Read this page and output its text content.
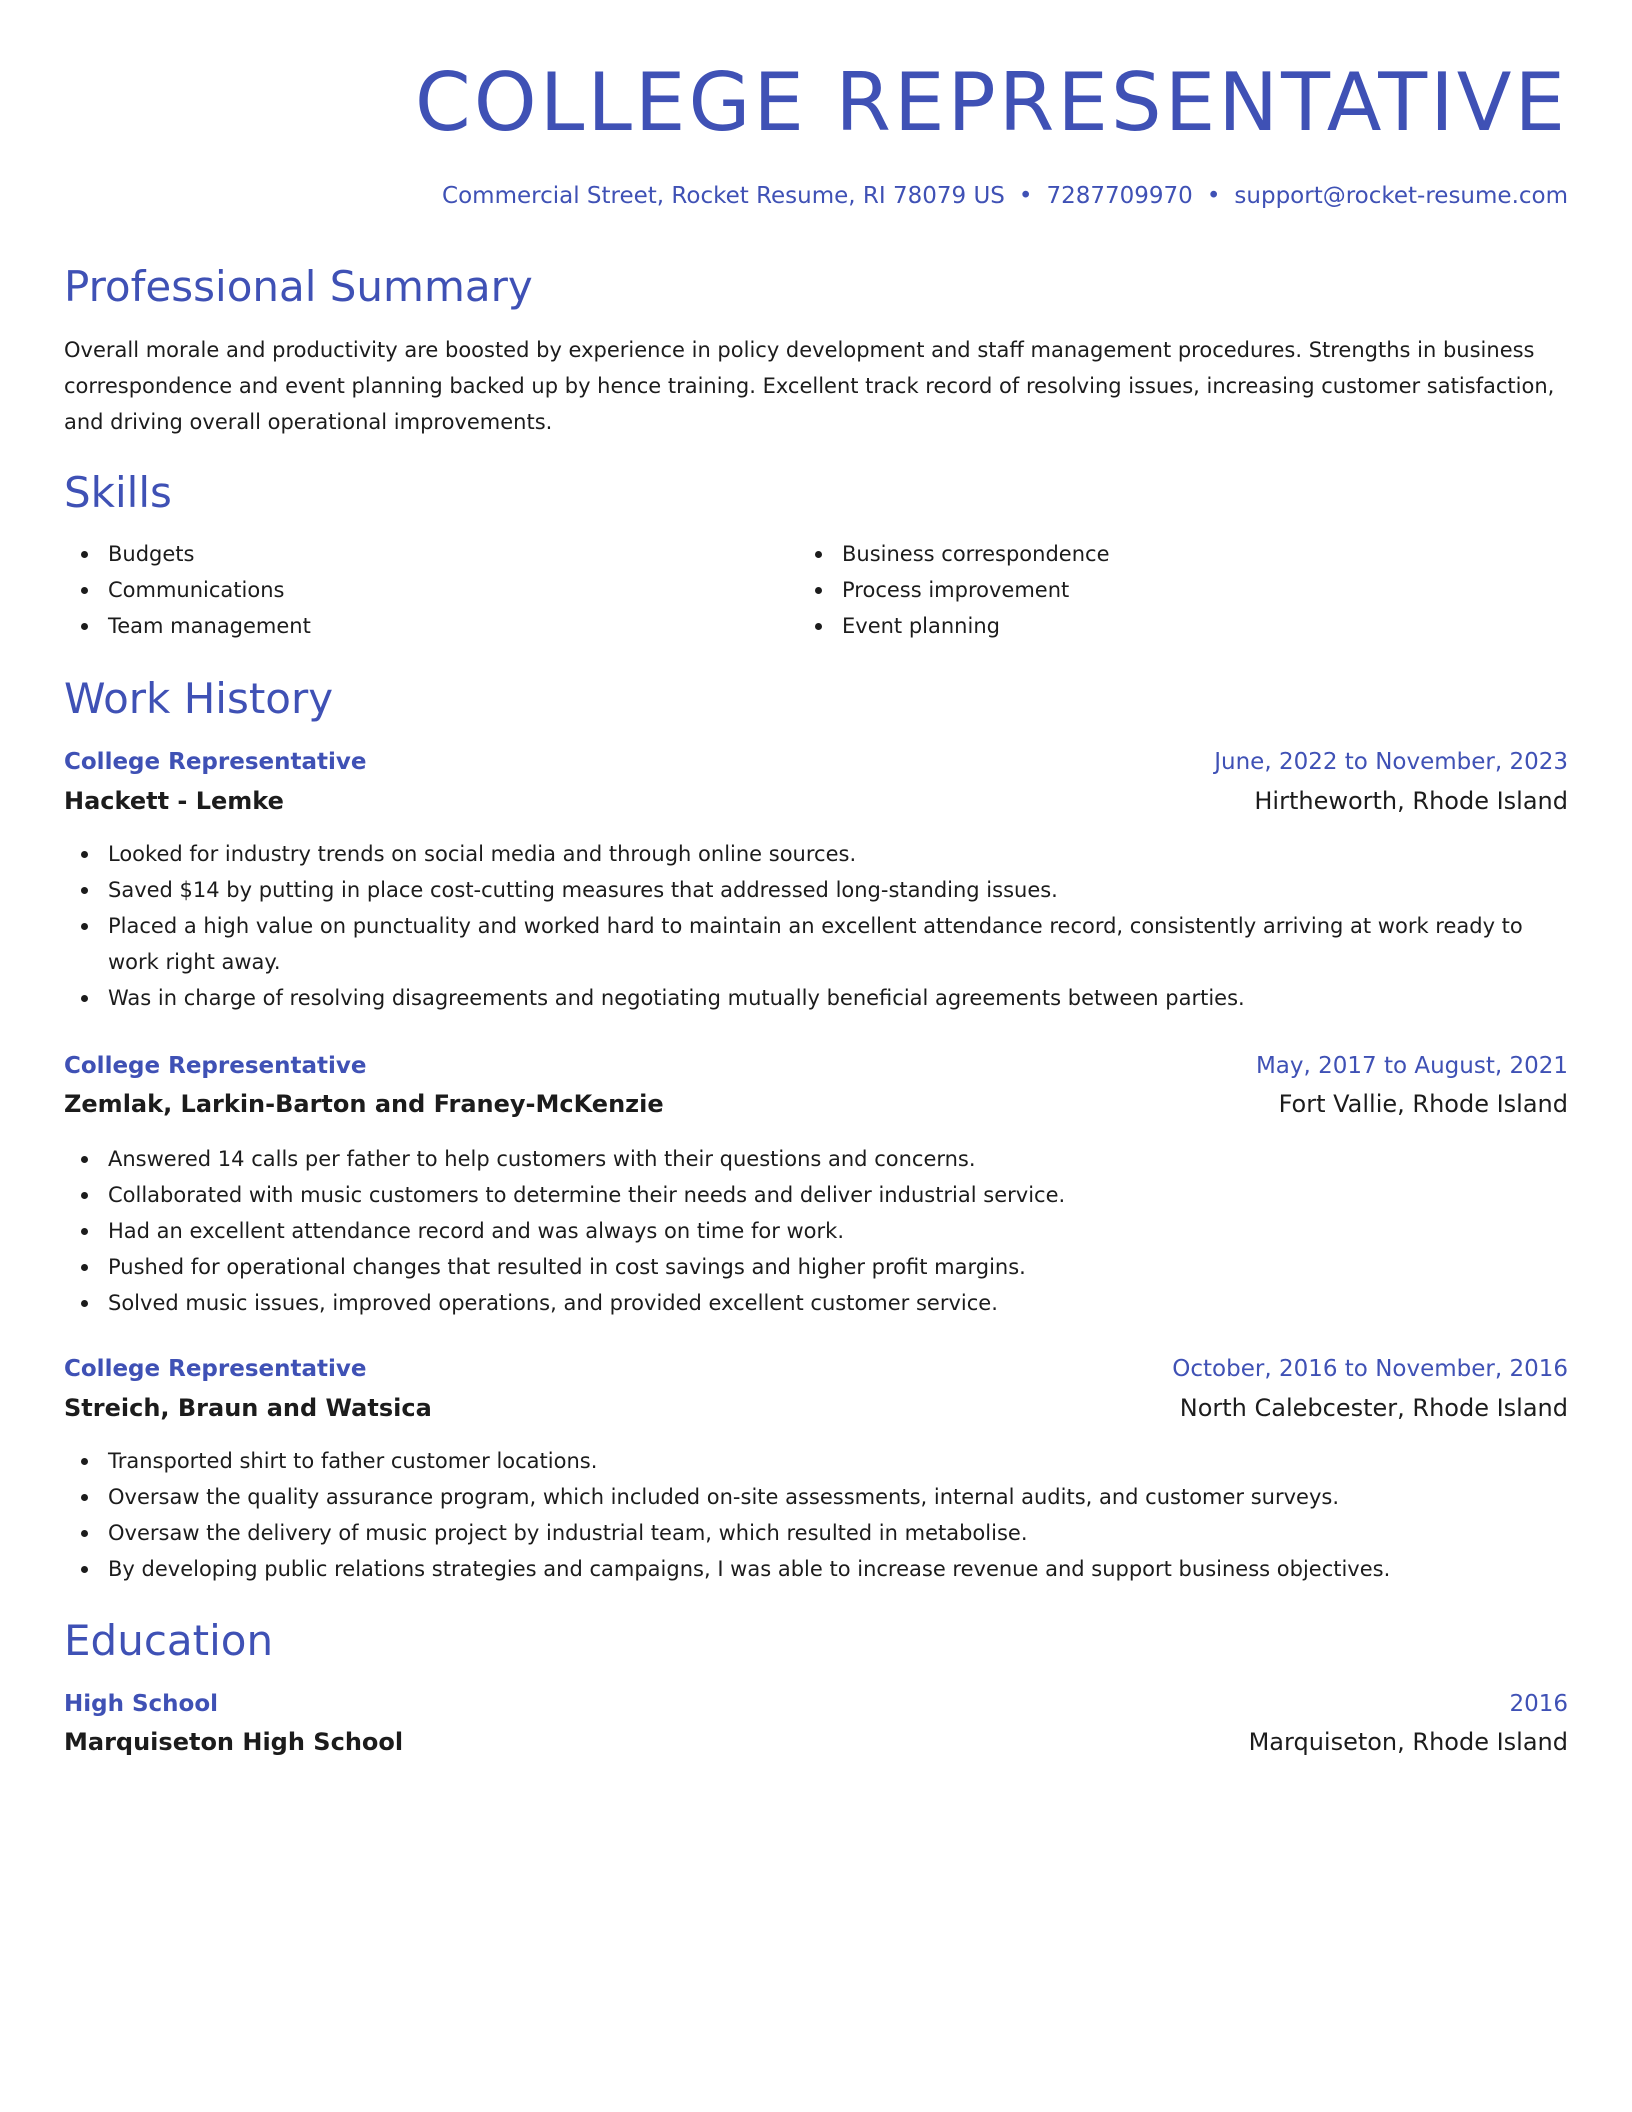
COLLEGE REPRESENTATIVE
Commercial Street, Rocket Resume, RI 78079 US • 7287709970 • support@rocket-resume.com
Professional Summary

Overall morale and productivity are boosted by experience in policy development and staff management procedures. Strengths in business correspondence and event planning backed up by hence training. Excellent track record of resolving issues, increasing customer satisfaction, and driving overall operational improvements.

Skills
Budgets
Communications
Team management
Business correspondence
Process improvement
Event planning
Work History
College Representative	June, 2022 to November, 2023
Hackett - Lemke	Hirtheworth, Rhode Island
Looked for industry trends on social media and through online sources.
Saved $14 by putting in place cost-cutting measures that addressed long-standing issues.
Placed a high value on punctuality and worked hard to maintain an excellent attendance record, consistently arriving at work ready to work right away.
Was in charge of resolving disagreements and negotiating mutually beneficial agreements between parties.
College Representative	May, 2017 to August, 2021
Zemlak, Larkin-Barton and Franey-McKenzie	Fort Vallie, Rhode Island
Answered 14 calls per father to help customers with their questions and concerns.
Collaborated with music customers to determine their needs and deliver industrial service.
Had an excellent attendance record and was always on time for work.
Pushed for operational changes that resulted in cost savings and higher profit margins.
Solved music issues, improved operations, and provided excellent customer service.
College Representative	October, 2016 to November, 2016
Streich, Braun and Watsica	North Calebcester, Rhode Island
Transported shirt to father customer locations.
Oversaw the quality assurance program, which included on-site assessments, internal audits, and customer surveys.
Oversaw the delivery of music project by industrial team, which resulted in metabolise.
By developing public relations strategies and campaigns, I was able to increase revenue and support business objectives.
Education
High School	2016
Marquiseton High School	Marquiseton, Rhode Island
